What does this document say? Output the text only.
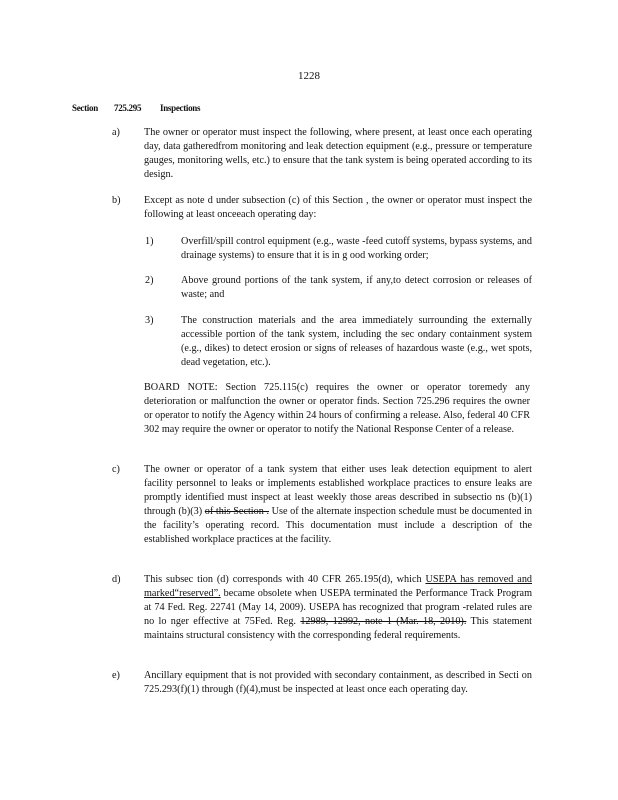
1228
Section 725.295 Inspections
a) The owner or operator must inspect the following, where present, at least once each operating day, data gatheredfrom monitoring and leak detection equipment (e.g., pressure or temperature gauges, monitoring wells, etc.) to ensure that the tank system is being operated according to its design.
b) Except as note d under subsection (c) of this Section , the owner or operator must inspect the following at least onceeach operating day:
1)	Overfill/spill control equipment (e.g., waste -feed cutoff systems, bypass systems, and drainage systems) to ensure that it is in g ood working order;
2)	Above ground portions of the tank system, if any,to detect corrosion or releases of waste; and
3)	The construction materials and the area immediately surrounding the externally accessible portion of the tank system, including the sec ondary containment system (e.g., dikes) to detect erosion or signs of releases of hazardous waste (e.g., wet spots, dead vegetation, etc.).
BOARD NOTE: Section 725.115(c) requires the owner or operator toremedy any deterioration or malfunction the owner or operator finds. Section 725.296 requires the owner or operator to notify the Agency within 24 hours of confirming a release. Also, federal 40 CFR 302 may require the owner or operator to notify the National Response Center of a release.
c) The owner or operator of a tank system that either uses leak detection equipment to alert facility personnel to leaks or implements established workplace practices to ensure leaks are promptly identified must inspect at least weekly those areas described in subsectio ns (b)(1) through (b)(3) of this Section . Use of the alternate inspection schedule must be documented in the facility’s operating record. This documentation must include a description of the established workplace practices at the facility.
d) This subsec tion (d) corresponds with 40 CFR 265.195(d), which USEPA has removed and marked“reserved”. became obsolete when USEPA terminated the Performance Track Program at 74 Fed. Reg. 22741 (May 14, 2009). USEPA has recognized that program -related rules are no lo nger effective at 75Fed. Reg. 12989, 12992, note 1 (Mar. 18, 2010). This statement maintains structural consistency with the corresponding federal requirements.
e) Ancillary equipment that is not provided with secondary containment, as described in Secti on 725.293(f)(1) through (f)(4),must be inspected at least once each operating day.
